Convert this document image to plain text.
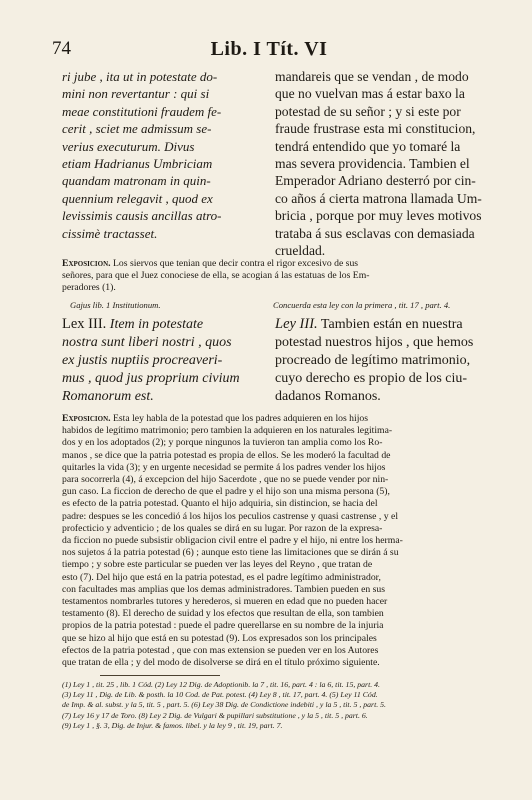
74	Lib. I Tít. VI
ri jube , ita ut in potestate do-
mini non revertantur : qui si
meae constitutioni fraudem fe-
cerit , sciet me admissum se-
verius executurum. Divus
etiam Hadrianus Umbriciam
quandam matronam in quin-
quennium relegavit , quod ex
levissimis causis ancillas atro-
cissimè tractasset.
mandareis que se vendan , de modo
que no vuelvan mas á estar baxo la
potestad de su señor ; y si este por
fraude frustrase esta mi constitucion,
tendrá entendido que yo tomaré la
mas severa providencia. Tambien el
Emperador Adriano desterró por cin-
co años á cierta matrona llamada Um-
bricia , porque por muy leves motivos
trataba á sus esclavas con demasiada
crueldad.
Exposicion. Los siervos que tenian que decir contra el rigor excesivo de sus
señores, para que el Juez conociese de ella, se acogian á las estatuas de los Em-
peradores (1).
Gajus lib. 1 Institutionum.	Concuerda esta ley con la primera , tit. 17 , part. 4.
Lex III. Item in potestate
nostra sunt liberi nostri , quos
ex justis nuptiis procreaveri-
mus , quod jus proprium civium
Romanorum est.
Ley III. Tambien están en nuestra
potestad nuestros hijos , que hemos
procreado de legítimo matrimonio,
cuyo derecho es propio de los ciu-
dadanos Romanos.
Exposicion. Esta ley habla de la potestad que los padres adquieren en los hijos
habidos de legítimo matrimonio; pero tambien la adquieren en los naturales legitima-
dos y en los adoptados (2); y porque ningunos la tuvieron tan amplia como los Ro-
manos , se dice que la patria potestad es propia de ellos. Se les moderó la facultad de
quitarles la vida (3); y en urgente necesidad se permite á los padres vender los hijos
para socorrerla (4), á excepcion del hijo Sacerdote , que no se puede vender por nin-
gun caso. La ficcion de derecho de que el padre y el hijo son una misma persona (5),
es efecto de la patria potestad. Quanto el hijo adquiria, sin distincion, se hacia del
padre: despues se les concedió á los hijos los peculios castrense y quasi castrense , y el
profecticio y adventicio ; de los quales se dirá en su lugar. Por razon de la expresa-
da ficcion no puede subsistir obligacion civil entre el padre y el hijo, ni entre los herma-
nos sujetos á la patria potestad (6) ; aunque esto tiene las limitaciones que se dirán á su
tiempo ; y sobre este particular se pueden ver las leyes del Reyno , que tratan de
esto (7). Del hijo que está en la patria potestad, es el padre legítimo administrador,
con facultades mas amplias que los demas administradores. Tambien pueden en sus
testamentos nombrarles tutores y herederos, si mueren en edad que no pueden hacer
testamento (8). El derecho de suidad y los efectos que resultan de ella, son tambien
propios de la patria potestad : puede el padre querellarse en su nombre de la injuria
que se hizo al hijo que está en su potestad (9). Los expresados son los principales
efectos de la patria potestad , que con mas extension se pueden ver en los Autores
que tratan de ella ; y del modo de disolverse se dirá en el título próximo siguiente.
(1) Ley 1 , tit. 25 , lib. 1 Cód. (2) Ley 12 Dig. de Adoptionib. la 7 , tit. 16, part. 4 : la 6, tit. 15, part. 4.
(3) Ley 11 , Dig. de Lib. & posth. la 10 Cod. de Pat. potest. (4) Ley 8 , tit. 17, part. 4. (5) Ley 11 Cód.
de Imp. & al. subst. y la 5, tit. 5 , part. 5. (6) Ley 38 Dig. de Condictione indebiti , y la 5 , tit. 5 , part. 5.
(7) Ley 16 y 17 de Toro. (8) Ley 2 Dig. de Vulgari & pupillari substitutione , y la 5 , tit. 5 , part. 6.
(9) Ley 1 , §. 3, Dig. de Injur. & famos. libel. y la ley 9 , tit. 19, part. 7.
